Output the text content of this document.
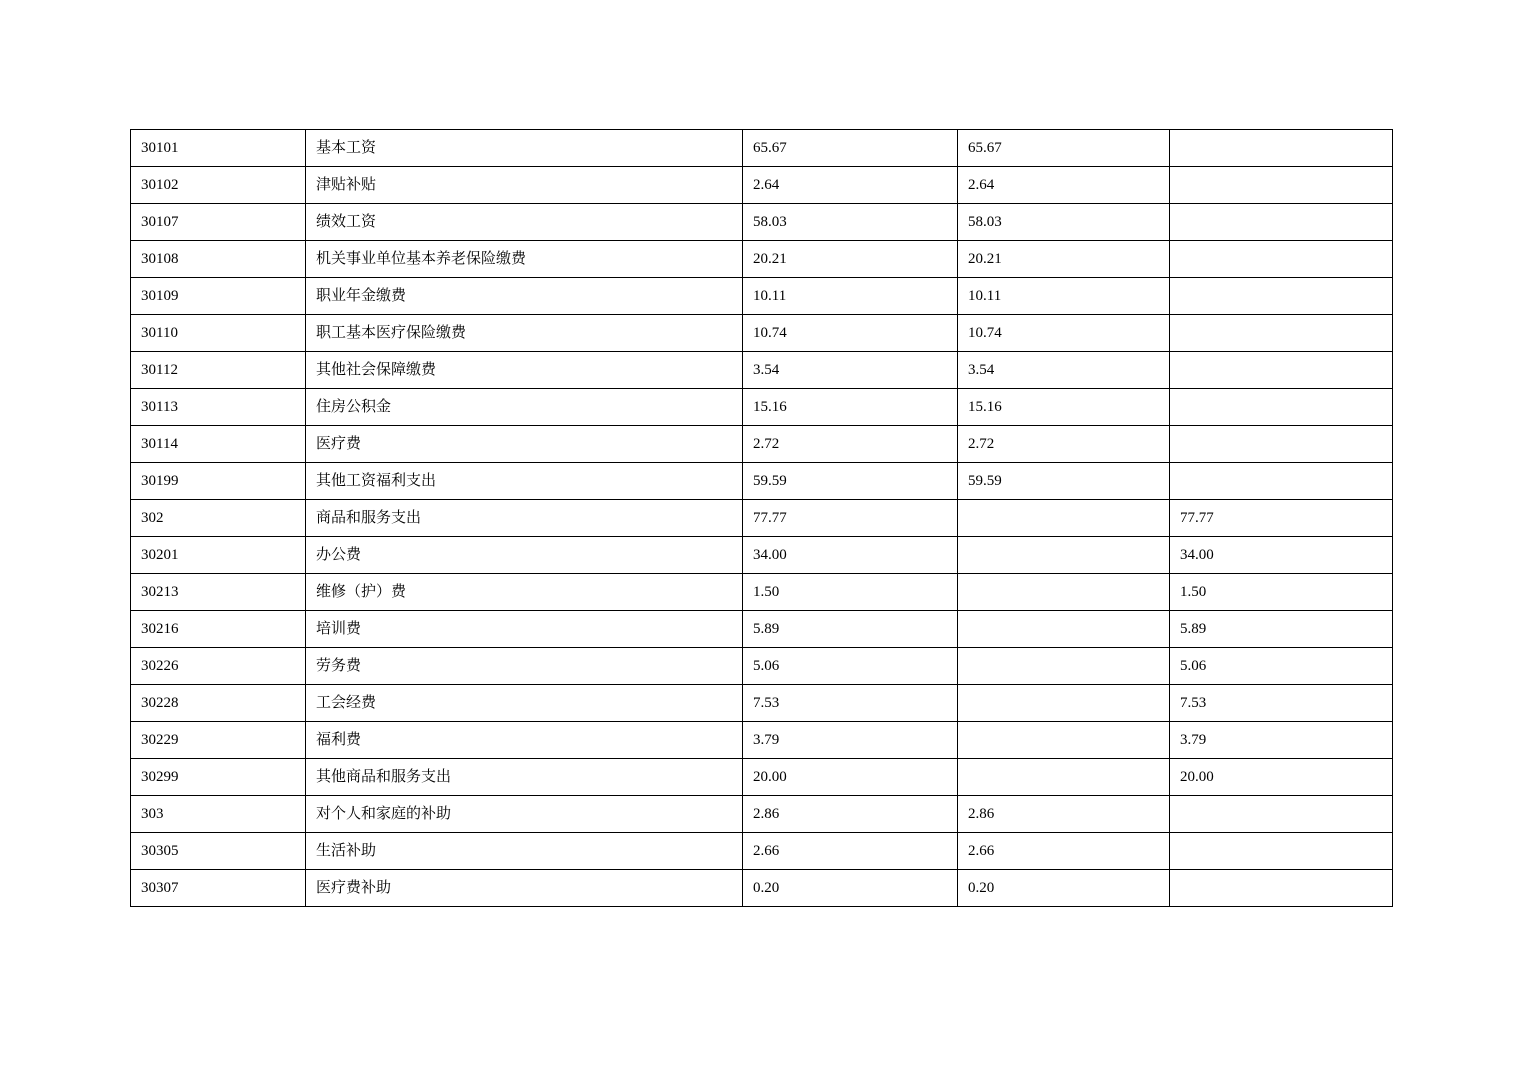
30101	基本工资	65.67	65.67	
30102	津贴补贴	2.64	2.64	
30107	绩效工资	58.03	58.03	
30108	机关事业单位基本养老保险缴费	20.21	20.21	
30109	职业年金缴费	10.11	10.11	
30110	职工基本医疗保险缴费	10.74	10.74	
30112	其他社会保障缴费	3.54	3.54	
30113	住房公积金	15.16	15.16	
30114	医疗费	2.72	2.72	
30199	其他工资福利支出	59.59	59.59	
302	商品和服务支出	77.77		77.77
30201	办公费	34.00		34.00
30213	维修（护）费	1.50		1.50
30216	培训费	5.89		5.89
30226	劳务费	5.06		5.06
30228	工会经费	7.53		7.53
30229	福利费	3.79		3.79
30299	其他商品和服务支出	20.00		20.00
303	对个人和家庭的补助	2.86	2.86	
30305	生活补助	2.66	2.66	
30307	医疗费补助	0.20	0.20	
